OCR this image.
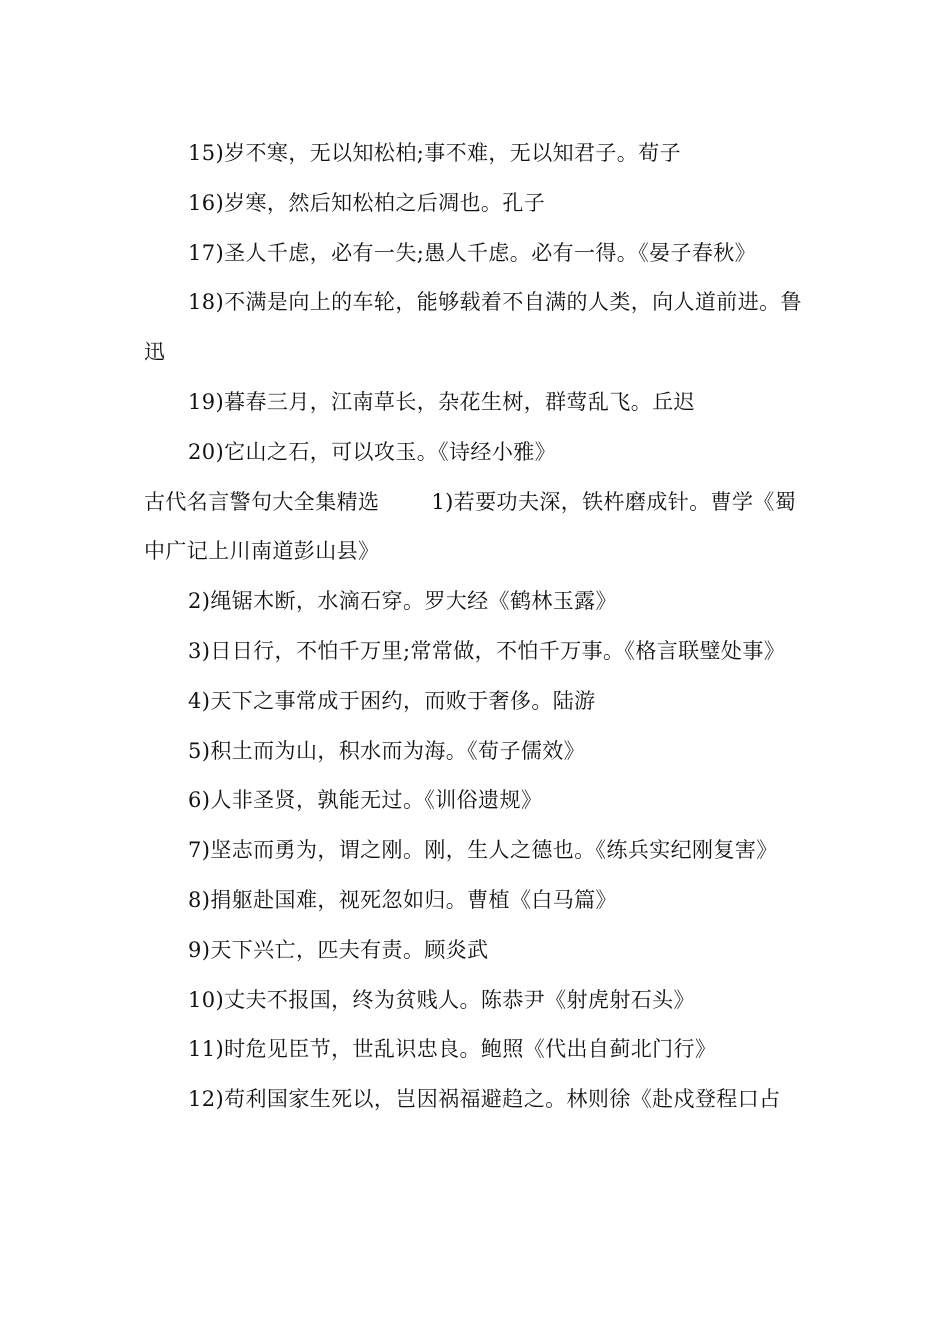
15)岁不寒，无以知松柏;事不难，无以知君子。荀子

16)岁寒，然后知松柏之后凋也。孔子

17)圣人千虑，必有一失;愚人千虑。必有一得。《晏子春秋》

18)不满是向上的车轮，能够载着不自满的人类，向人道前进。鲁迅

19)暮春三月，江南草长，杂花生树，群莺乱飞。丘迟

20)它山之石，可以攻玉。《诗经小雅》

古代名言警句大全集精选 1)若要功夫深，铁杵磨成针。曹学《蜀中广记上川南道彭山县》

2)绳锯木断，水滴石穿。罗大经《鹤林玉露》

3)日日行，不怕千万里;常常做，不怕千万事。《格言联璧处事》

4)天下之事常成于困约，而败于奢侈。陆游

5)积土而为山，积水而为海。《荀子儒效》

6)人非圣贤，孰能无过。《训俗遗规》

7)坚志而勇为，谓之刚。刚，生人之德也。《练兵实纪刚复害》

8)捐躯赴国难，视死忽如归。曹植《白马篇》

9)天下兴亡，匹夫有责。顾炎武

10)丈夫不报国，终为贫贱人。陈恭尹《射虎射石头》

11)时危见臣节，世乱识忠良。鲍照《代出自蓟北门行》

12)苟利国家生死以，岂因祸福避趋之。林则徐《赴戍登程口占
